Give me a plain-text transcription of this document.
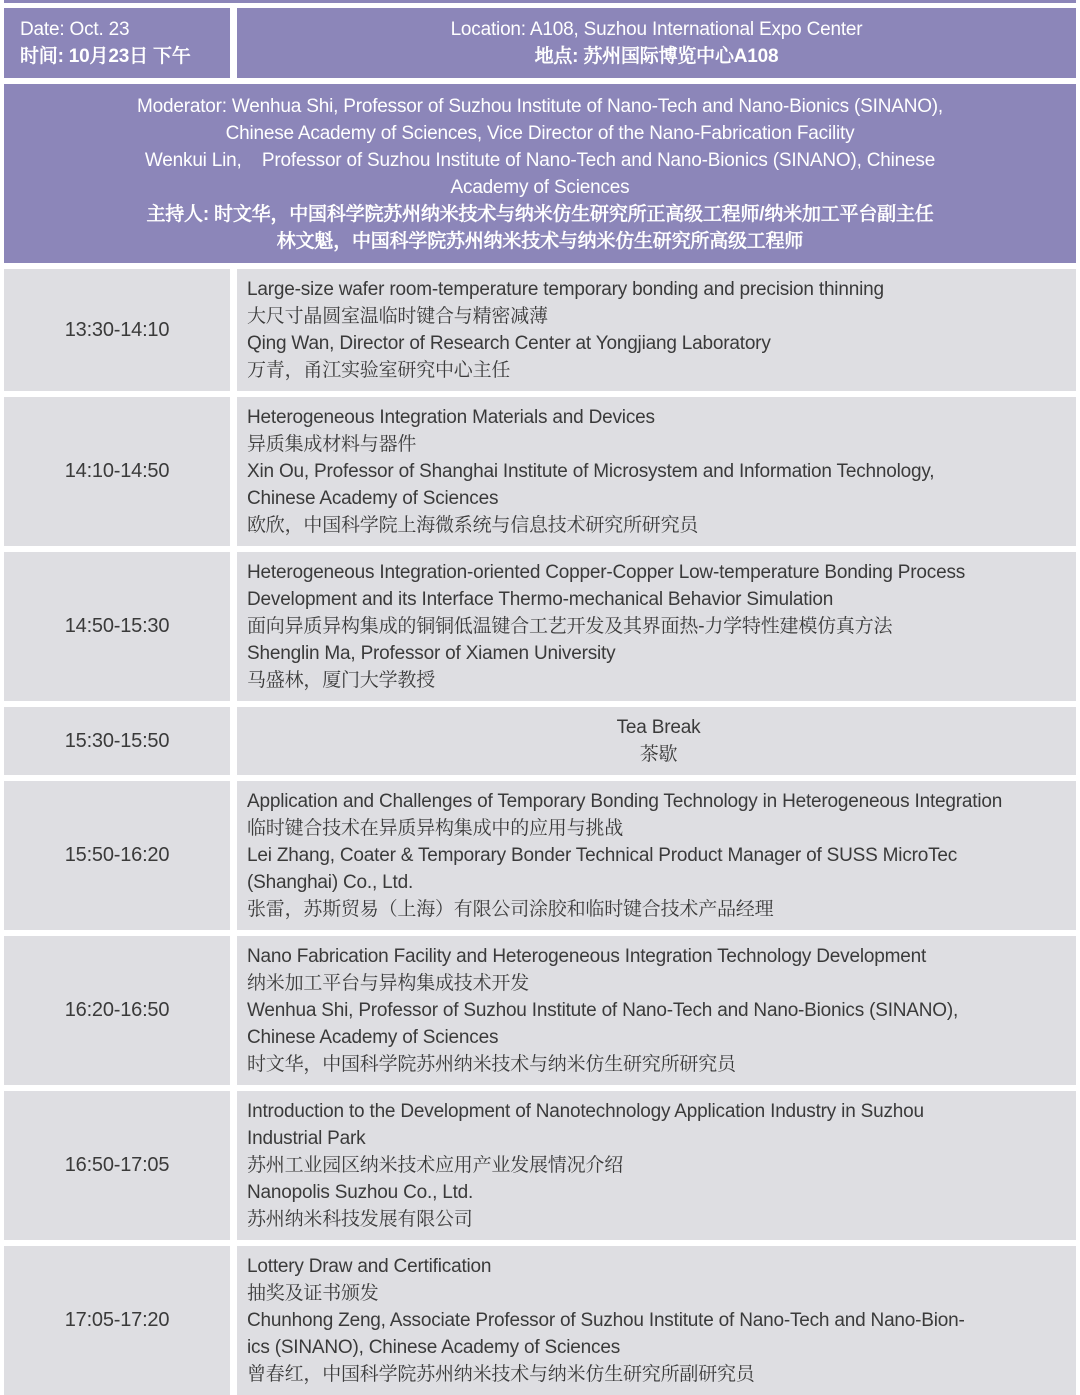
Date: Oct. 23
时间: 10月23日 下午
Location: A108, Suzhou International Expo Center
地点: 苏州国际博览中心A108
Moderator: Wenhua Shi, Professor of Suzhou Institute of Nano-Tech and Nano-Bionics (SINANO),
Chinese Academy of Sciences, Vice Director of the Nano-Fabrication Facility
Wenkui Lin,    Professor of Suzhou Institute of Nano-Tech and Nano-Bionics (SINANO), Chinese
Academy of Sciences
主持人: 时文华，中国科学院苏州纳米技术与纳米仿生研究所正高级工程师/纳米加工平台副主任
林文魁，中国科学院苏州纳米技术与纳米仿生研究所高级工程师
13:30-14:10
Large-size wafer room-temperature temporary bonding and precision thinning
大尺寸晶圆室温临时键合与精密减薄
Qing Wan, Director of Research Center at Yongjiang Laboratory
万青，甬江实验室研究中心主任
14:10-14:50
Heterogeneous Integration Materials and Devices
异质集成材料与器件
Xin Ou, Professor of Shanghai Institute of Microsystem and Information Technology,
Chinese Academy of Sciences
欧欣，中国科学院上海微系统与信息技术研究所研究员
14:50-15:30
Heterogeneous Integration-oriented Copper-Copper Low-temperature Bonding Process
Development and its Interface Thermo-mechanical Behavior Simulation
面向异质异构集成的铜铜低温键合工艺开发及其界面热-力学特性建模仿真方法
Shenglin Ma, Professor of Xiamen University
马盛林，厦门大学教授
15:30-15:50
Tea Break
茶歇
15:50-16:20
Application and Challenges of Temporary Bonding Technology in Heterogeneous Integration
临时键合技术在异质异构集成中的应用与挑战
Lei Zhang, Coater & Temporary Bonder Technical Product Manager of SUSS MicroTec
(Shanghai) Co., Ltd.
张雷，苏斯贸易（上海）有限公司涂胶和临时键合技术产品经理
16:20-16:50
Nano Fabrication Facility and Heterogeneous Integration Technology Development
纳米加工平台与异构集成技术开发
Wenhua Shi, Professor of Suzhou Institute of Nano-Tech and Nano-Bionics (SINANO),
Chinese Academy of Sciences
时文华，中国科学院苏州纳米技术与纳米仿生研究所研究员
16:50-17:05
Introduction to the Development of Nanotechnology Application Industry in Suzhou
Industrial Park
苏州工业园区纳米技术应用产业发展情况介绍
Nanopolis Suzhou Co., Ltd.
苏州纳米科技发展有限公司
17:05-17:20
Lottery Draw and Certification
抽奖及证书颁发
Chunhong Zeng, Associate Professor of Suzhou Institute of Nano-Tech and Nano-Bion-
ics (SINANO), Chinese Academy of Sciences
曾春红，中国科学院苏州纳米技术与纳米仿生研究所副研究员
